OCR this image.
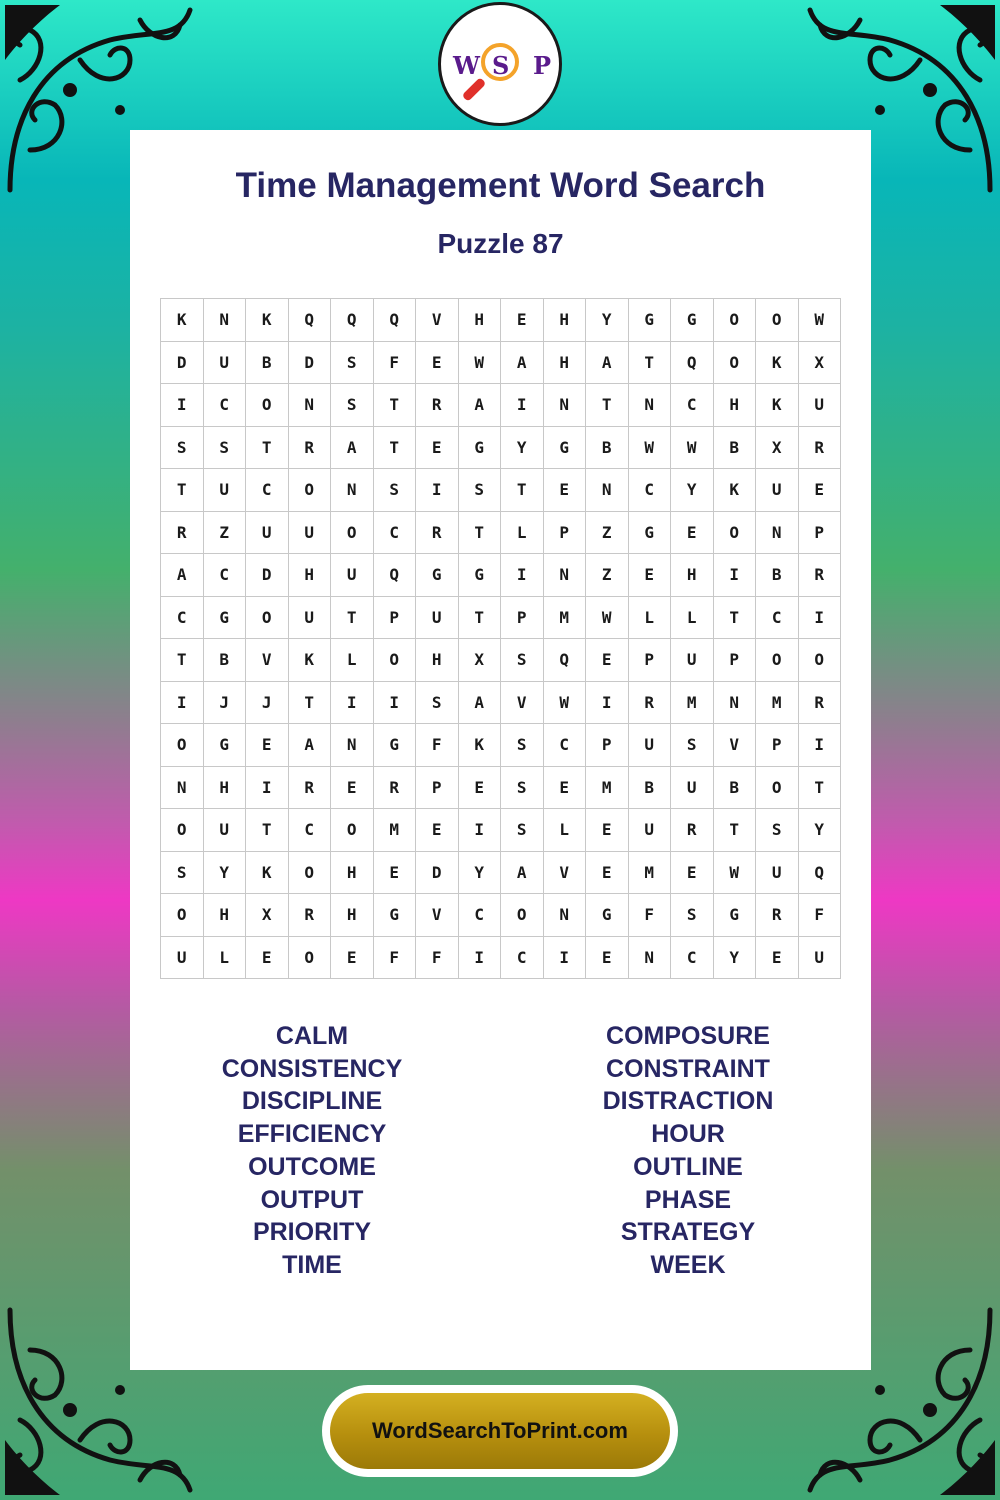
W S P
Time Management Word Search
Puzzle 87
K	N	K	Q	Q	Q	V	H	E	H	Y	G	G	O	O	W
D	U	B	D	S	F	E	W	A	H	A	T	Q	O	K	X
I	C	O	N	S	T	R	A	I	N	T	N	C	H	K	U
S	S	T	R	A	T	E	G	Y	G	B	W	W	B	X	R
T	U	C	O	N	S	I	S	T	E	N	C	Y	K	U	E
R	Z	U	U	O	C	R	T	L	P	Z	G	E	O	N	P
A	C	D	H	U	Q	G	G	I	N	Z	E	H	I	B	R
C	G	O	U	T	P	U	T	P	M	W	L	L	T	C	I
T	B	V	K	L	O	H	X	S	Q	E	P	U	P	O	O
I	J	J	T	I	I	S	A	V	W	I	R	M	N	M	R
O	G	E	A	N	G	F	K	S	C	P	U	S	V	P	I
N	H	I	R	E	R	P	E	S	E	M	B	U	B	O	T
O	U	T	C	O	M	E	I	S	L	E	U	R	T	S	Y
S	Y	K	O	H	E	D	Y	A	V	E	M	E	W	U	Q
O	H	X	R	H	G	V	C	O	N	G	F	S	G	R	F
U	L	E	O	E	F	F	I	C	I	E	N	C	Y	E	U
CALM
CONSISTENCY
DISCIPLINE
EFFICIENCY
OUTCOME
OUTPUT
PRIORITY
TIME
COMPOSURE
CONSTRAINT
DISTRACTION
HOUR
OUTLINE
PHASE
STRATEGY
WEEK
WordSearchToPrint.com
